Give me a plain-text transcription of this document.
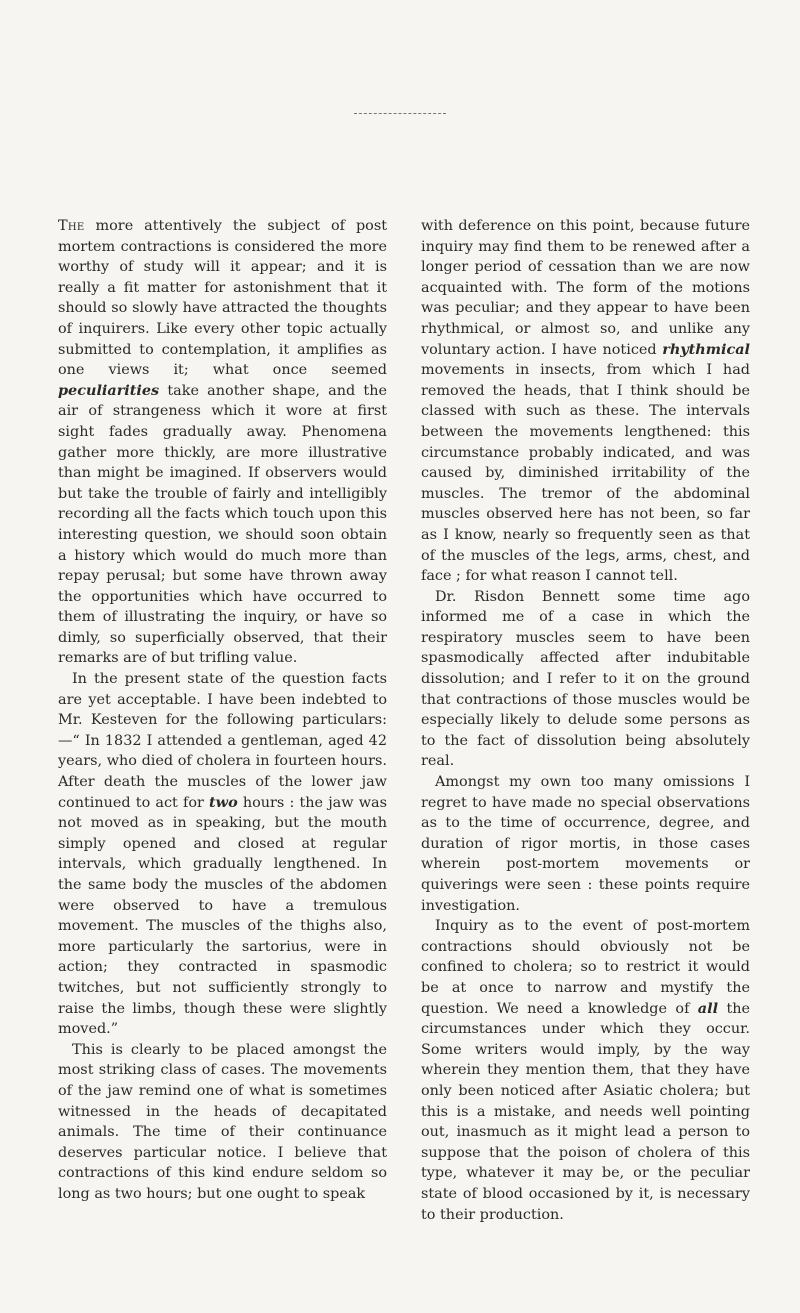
The more attentively the subject of post mortem contractions is considered the more worthy of study will it appear; and it is really a fit matter for astonishment that it should so slowly have attracted the thoughts of inquirers. Like every other topic actually submitted to contemplation, it amplifies as one views it; what once seemed peculiarities take another shape, and the air of strangeness which it wore at first sight fades gradually away. Phenomena gather more thickly, are more illustrative than might be imagined. If observers would but take the trouble of fairly and intelligibly recording all the facts which touch upon this interesting question, we should soon obtain a history which would do much more than repay perusal; but some have thrown away the opportunities which have occurred to them of illustrating the inquiry, or have so dimly, so superficially observed, that their remarks are of but trifling value.

In the present state of the question facts are yet acceptable. I have been indebted to Mr. Kesteven for the following particulars:—“ In 1832 I attended a gentleman, aged 42 years, who died of cholera in fourteen hours. After death the muscles of the lower jaw continued to act for two hours : the jaw was not moved as in speaking, but the mouth simply opened and closed at regular intervals, which gradually lengthened. In the same body the muscles of the abdomen were observed to have a tremulous movement. The muscles of the thighs also, more particularly the sartorius, were in action; they contracted in spasmodic twitches, but not sufficiently strongly to raise the limbs, though these were slightly moved.”

This is clearly to be placed amongst the most striking class of cases. The movements of the jaw remind one of what is sometimes witnessed in the heads of decapitated animals. The time of their continuance deserves particular notice. I believe that contractions of this kind endure seldom so long as two hours; but one ought to speak

with deference on this point, because future inquiry may find them to be renewed after a longer period of cessation than we are now acquainted with. The form of the motions was peculiar; and they appear to have been rhythmical, or almost so, and unlike any voluntary action. I have noticed rhythmical movements in insects, from which I had removed the heads, that I think should be classed with such as these. The intervals between the movements lengthened: this circumstance probably indicated, and was caused by, diminished irritability of the muscles. The tremor of the abdominal muscles observed here has not been, so far as I know, nearly so frequently seen as that of the muscles of the legs, arms, chest, and face ; for what reason I cannot tell.

Dr. Risdon Bennett some time ago informed me of a case in which the respiratory muscles seem to have been spasmodically affected after indubitable dissolution; and I refer to it on the ground that contractions of those muscles would be especially likely to delude some persons as to the fact of dissolution being absolutely real.

Amongst my own too many omissions I regret to have made no special observations as to the time of occurrence, degree, and duration of rigor mortis, in those cases wherein post-mortem movements or quiverings were seen : these points require investigation.

Inquiry as to the event of post-mortem contractions should obviously not be confined to cholera; so to restrict it would be at once to narrow and mystify the question. We need a knowledge of all the circumstances under which they occur. Some writers would imply, by the way wherein they mention them, that they have only been noticed after Asiatic cholera; but this is a mistake, and needs well pointing out, inasmuch as it might lead a person to suppose that the poison of cholera of this type, whatever it may be, or the peculiar state of blood occasioned by it, is necessary to their production.
